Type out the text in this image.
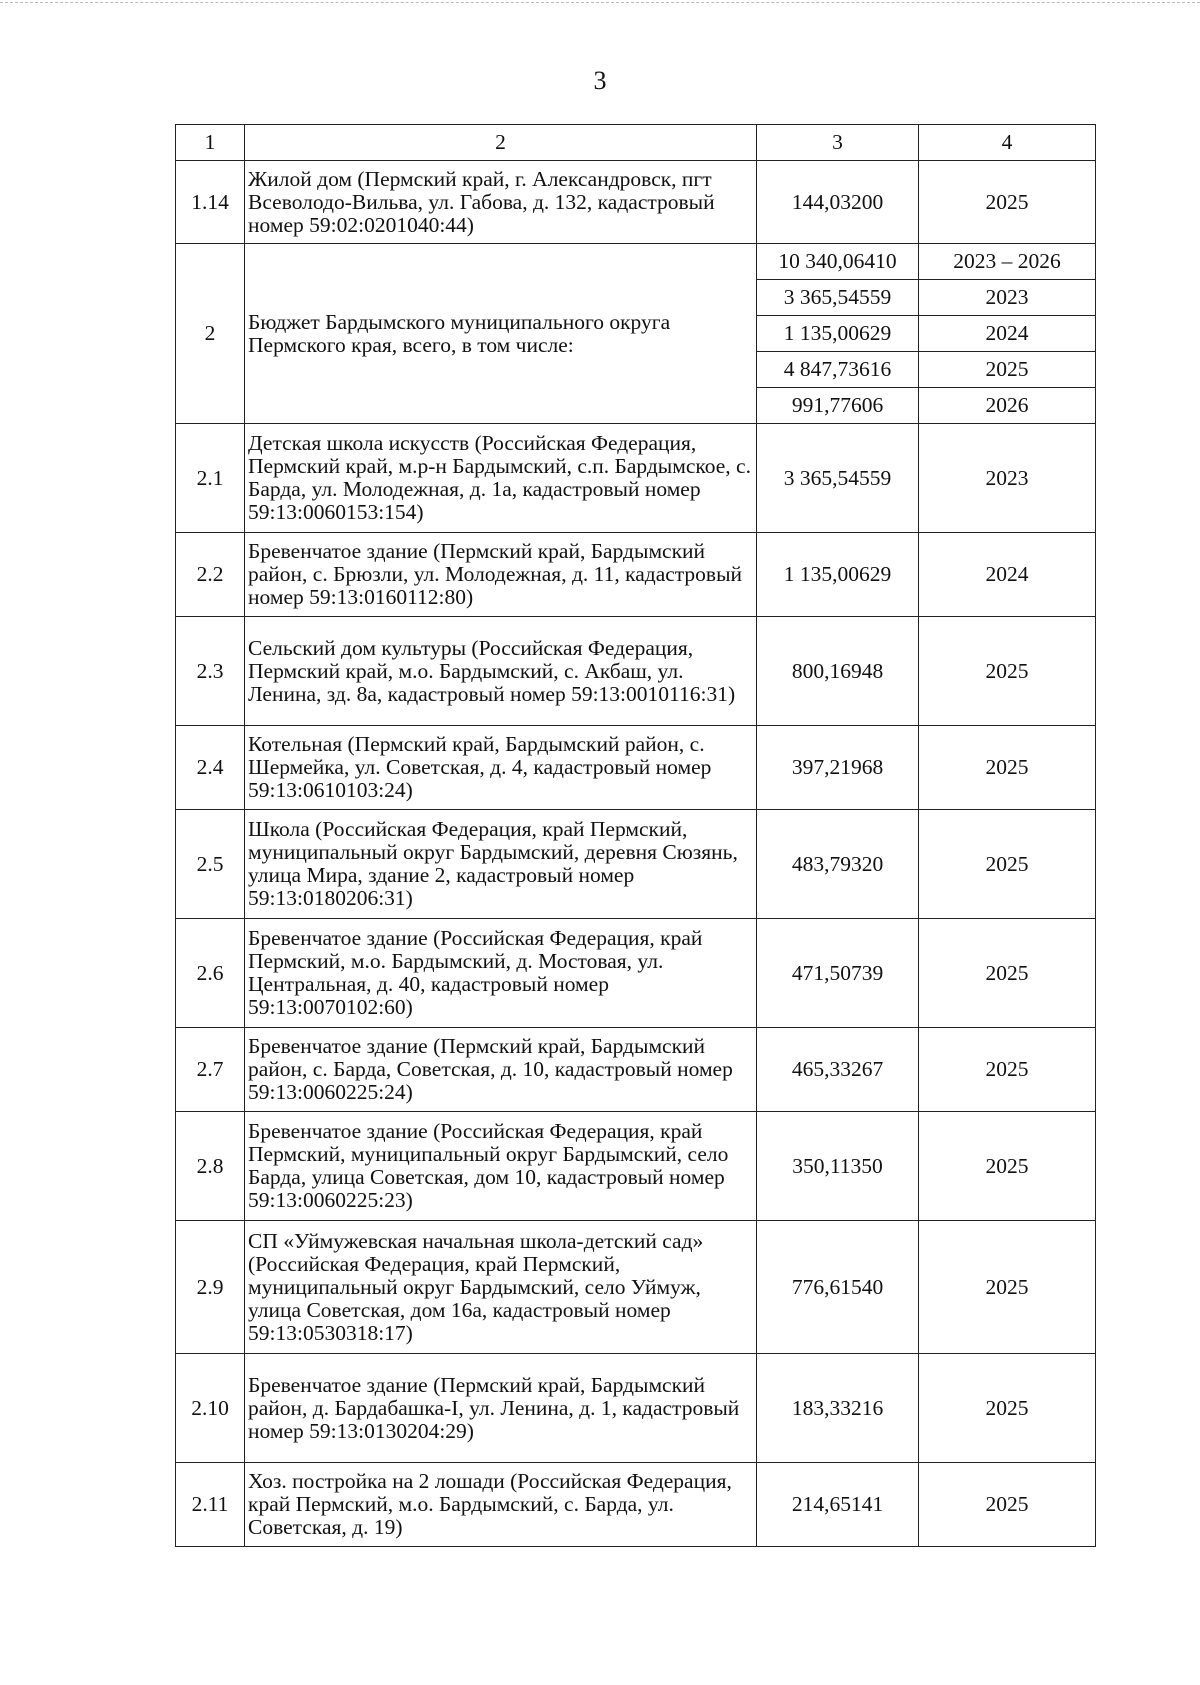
3
1	2	3	4
1.14	Жилой дом (Пермский край, г. Александровск, пгт Всеволодо-Вильва, ул. Габова, д. 132, кадастровый номер 59:02:0201040:44)	144,03200	2025
2	Бюджет Бардымского муниципального округа Пермского края, всего, в том числе:	10 340,06410	2023 – 2026
		3 365,54559	2023
		1 135,00629	2024
		4 847,73616	2025
		991,77606	2026
2.1	Детская школа искусств (Российская Федерация, Пермский край, м.р-н Бардымский, с.п. Бардымское, с. Барда, ул. Молодежная, д. 1а, кадастровый номер 59:13:0060153:154)	3 365,54559	2023
2.2	Бревенчатое здание (Пермский край, Бардымский район, с. Брюзли, ул. Молодежная, д. 11, кадастровый номер 59:13:0160112:80)	1 135,00629	2024
2.3	Сельский дом культуры (Российская Федерация, Пермский край, м.о. Бардымский, с. Акбаш, ул. Ленина, зд. 8а, кадастровый номер 59:13:0010116:31)	800,16948	2025
2.4	Котельная (Пермский край, Бардымский район, с. Шермейка, ул. Советская, д. 4, кадастровый номер 59:13:0610103:24)	397,21968	2025
2.5	Школа (Российская Федерация, край Пермский, муниципальный округ Бардымский, деревня Сюзянь, улица Мира, здание 2, кадастровый номер 59:13:0180206:31)	483,79320	2025
2.6	Бревенчатое здание (Российская Федерация, край Пермский, м.о. Бардымский, д. Мостовая, ул. Центральная, д. 40, кадастровый номер 59:13:0070102:60)	471,50739	2025
2.7	Бревенчатое здание (Пермский край, Бардымский район, с. Барда, Советская, д. 10, кадастровый номер 59:13:0060225:24)	465,33267	2025
2.8	Бревенчатое здание (Российская Федерация, край Пермский, муниципальный округ Бардымский, село Барда, улица Советская, дом 10, кадастровый номер 59:13:0060225:23)	350,11350	2025
2.9	СП «Уймужевская начальная школа-детский сад» (Российская Федерация, край Пермский, муниципальный округ Бардымский, село Уймуж, улица Советская, дом 16а, кадастровый номер 59:13:0530318:17)	776,61540	2025
2.10	Бревенчатое здание (Пермский край, Бардымский район, д. Бардабашка-I, ул. Ленина, д. 1, кадастровый номер 59:13:0130204:29)	183,33216	2025
2.11	Хоз. постройка на 2 лошади (Российская Федерация, край Пермский, м.о. Бардымский, с. Барда, ул. Советская, д. 19)	214,65141	2025
